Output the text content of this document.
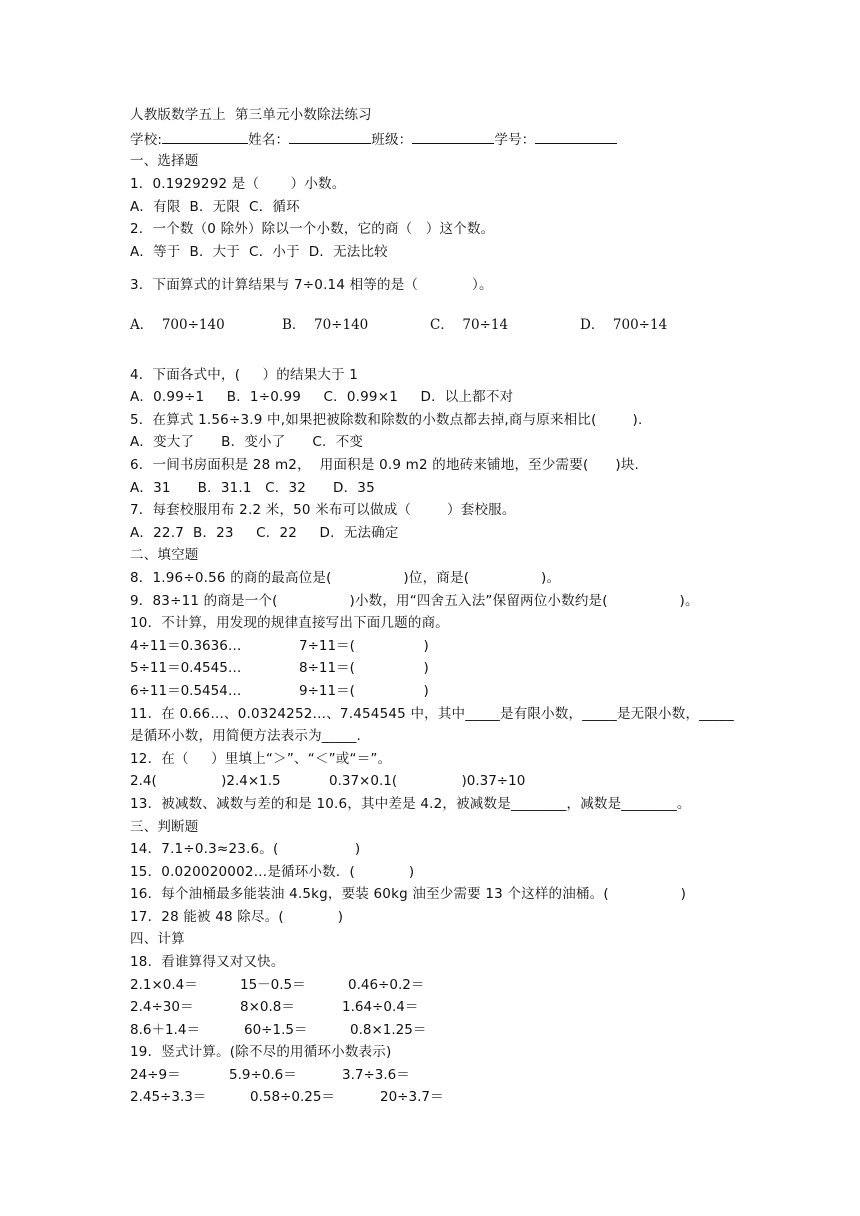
人教版数学五上  第三单元小数除法练习
学校:	姓名：	班级：	学号：
一、选择题
1．0.1929292 是（       ）小数。
A．有限  B．无限  C．循环
2．一个数（0 除外）除以一个小数，它的商（   ）这个数。
A．等于  B．大于  C．小于  D．无法比较
3．下面算式的计算结果与 7÷0.14 相等的是（            ）。
A．  700÷140	B．  70÷140	C．  70÷14	D．  700÷14
4．下面各式中，(     ）的结果大于 1
A．0.99÷1     B．1÷0.99     C．0.99×1     D．以上都不对
5．在算式 1.56÷3.9 中,如果把被除数和除数的小数点都去掉,商与原来相比(        ).
A．变大了      B．变小了      C．不变
6．一间书房面积是 28 m2，  用面积是 0.9 m2 的地砖来铺地，至少需要(      )块.
A．31      B．31.1   C．32      D．35
7．每套校服用布 2.2 米，50 米布可以做成（        ）套校服。
A．22.7  B．23     C．22     D．无法确定
二、填空题
8．1.96÷0.56 的商的最高位是(                )位，商是(                )。
9．83÷11 的商是一个(                )小数，用“四舍五入法”保留两位小数约是(                )。
10．不计算，用发现的规律直接写出下面几题的商。
4÷11＝0.3636…	7÷11＝(                )
5÷11＝0.4545…	8÷11＝(                )
6÷11＝0.5454…	9÷11＝(                )
11．在 0.66…、0.0324252…、7.454545 中，其中_____是有限小数，_____是无限小数，_____
是循环小数，用简便方法表示为_____.
12．在（     ）里填上“＞”、“＜”或“＝”。
2.4(               )2.4×1.5	0.37×0.1(               )0.37÷10
13．被减数、减数与差的和是 10.6，其中差是 4.2，被减数是________，减数是________。
三、判断题
14．7.1÷0.3≈23.6。(                 )
15．0.020020002…是循环小数．(            )
16．每个油桶最多能装油 4.5kg，要装 60kg 油至少需要 13 个这样的油桶。(                )
17．28 能被 48 除尽。(            )
四、计算
18．看谁算得又对又快。
2.1×0.4＝	15－0.5＝	0.46÷0.2＝
2.4÷30＝	8×0.8＝	1.64÷0.4＝
8.6＋1.4＝	60÷1.5＝	0.8×1.25＝
19．竖式计算。(除不尽的用循环小数表示)
24÷9＝	5.9÷0.6＝	3.7÷3.6＝
2.45÷3.3＝	0.58÷0.25＝	20÷3.7＝
